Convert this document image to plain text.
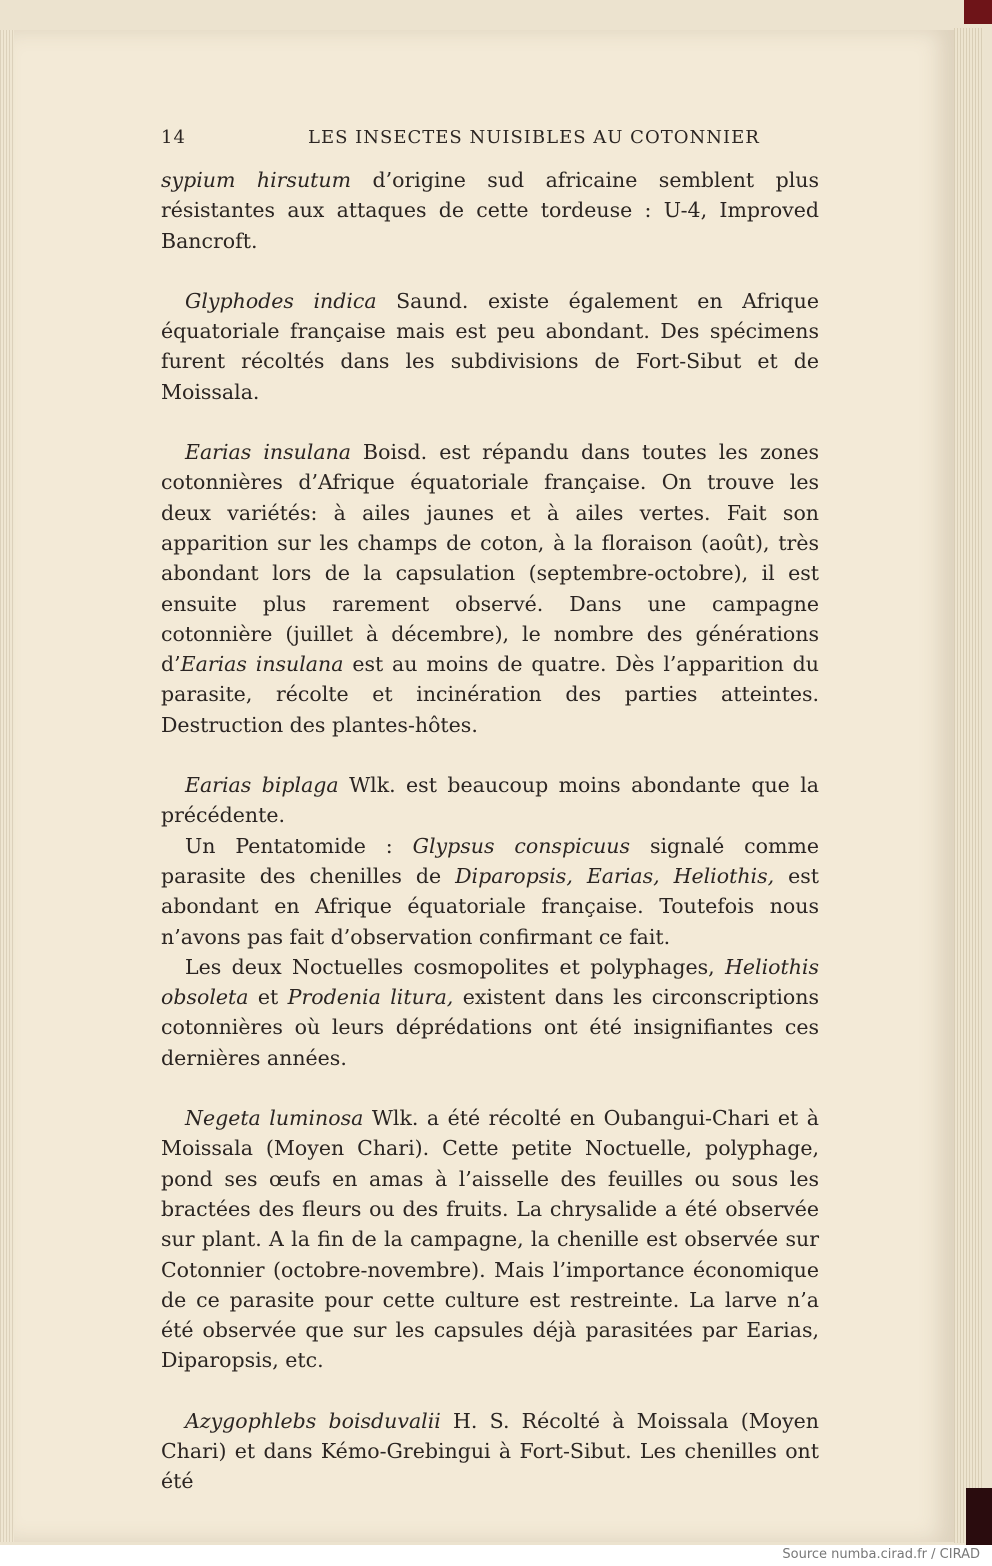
14	LES INSECTES NUISIBLES AU COTONNIER

sypium hirsutum d’origine sud africaine semblent plus résistantes aux attaques de cette tordeuse : U-4, Improved Bancroft.

Glyphodes indica Saund. existe également en Afrique équatoriale française mais est peu abondant. Des spécimens furent récoltés dans les subdivisions de Fort-Sibut et de Moissala.

Earias insulana Boisd. est répandu dans toutes les zones cotonnières d’Afrique équatoriale française. On trouve les deux variétés: à ailes jaunes et à ailes vertes. Fait son apparition sur les champs de coton, à la floraison (août), très abondant lors de la capsulation (septembre-octobre), il est ensuite plus rarement observé. Dans une campagne cotonnière (juillet à décembre), le nombre des générations d’Earias insulana est au moins de quatre. Dès l’apparition du parasite, récolte et incinération des parties atteintes. Destruction des plantes-hôtes.

Earias biplaga Wlk. est beaucoup moins abondante que la précédente.

Un Pentatomide : Glypsus conspicuus signalé comme parasite des chenilles de Diparopsis, Earias, Heliothis, est abondant en Afrique équatoriale française. Toutefois nous n’avons pas fait d’observation confirmant ce fait.

Les deux Noctuelles cosmopolites et polyphages, Heliothis obsoleta et Prodenia litura, existent dans les circonscriptions cotonnières où leurs déprédations ont été insignifiantes ces dernières années.

Negeta luminosa Wlk. a été récolté en Oubangui-Chari et à Moissala (Moyen Chari). Cette petite Noctuelle, polyphage, pond ses œufs en amas à l’aisselle des feuilles ou sous les bractées des fleurs ou des fruits. La chrysalide a été observée sur plant. A la fin de la campagne, la chenille est observée sur Cotonnier (octobre-novembre). Mais l’importance économique de ce parasite pour cette culture est restreinte. La larve n’a été observée que sur les capsules déjà parasitées par Earias, Diparopsis, etc.

Azygophlebs boisduvalii H. S. Récolté à Moissala (Moyen Chari) et dans Kémo-Grebingui à Fort-Sibut. Les chenilles ont été

Source numba.cirad.fr / CIRAD
